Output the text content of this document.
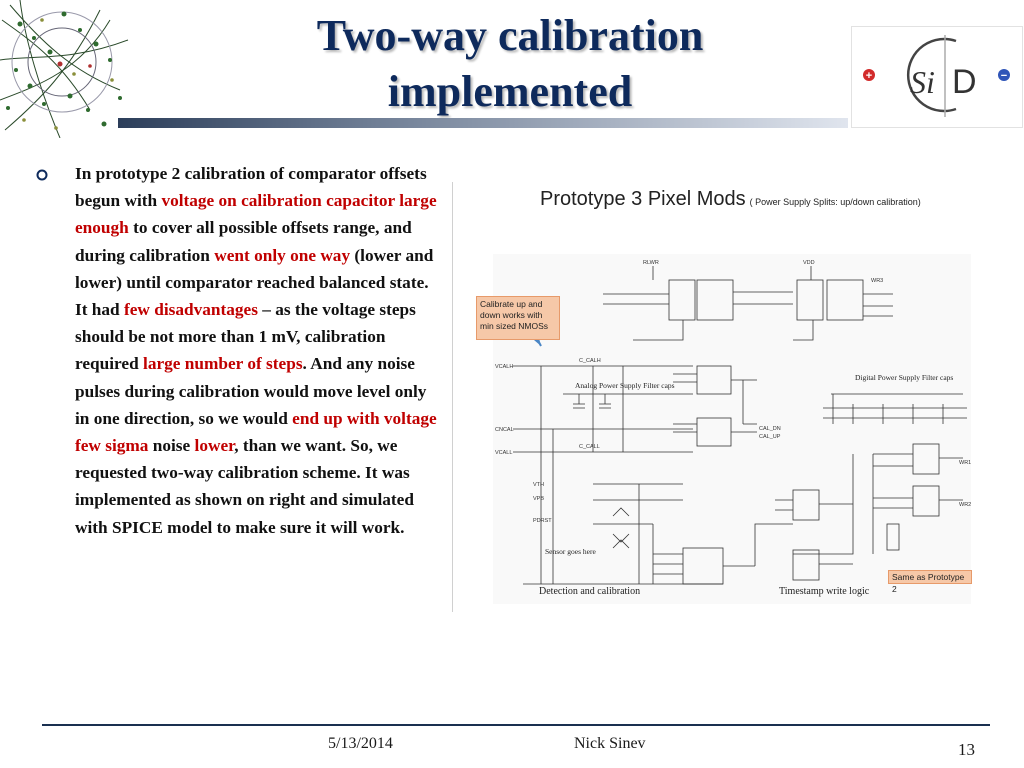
Two-way calibration
implemented	+	−
Si D
In prototype 2 calibration of comparator offsets begun with voltage on calibration capacitor large enough to cover all possible offsets range, and during calibration went only one way (lower and lower) until comparator reached balanced state. It had few disadvantages – as the voltage steps should be not more than 1 mV, calibration required large number of steps. And any noise pulses during calibration would move level only in one direction, so we would end up with voltage few sigma noise lower, than we want. So, we requested two-way calibration scheme. It was implemented as shown on right and simulated with SPICE model to make sure it will work.
Prototype 3 Pixel Mods ( Power Supply Splits: up/down calibration)
RLWR	VDD
VCALH
CNCAL
VCALL
C_CALH
C_CALL
CAL_DN
CAL_UP
VTH
VPB
PDRST
WR1
WR2
WR3
Analog Power Supply Filter caps
Digital Power Supply Filter caps
Sensor goes here
Detection and calibration	Timestamp write logic
Calibrate up and down works with min sized NMOSs
Same as Prototype 2
5/13/2014	Nick Sinev	13
